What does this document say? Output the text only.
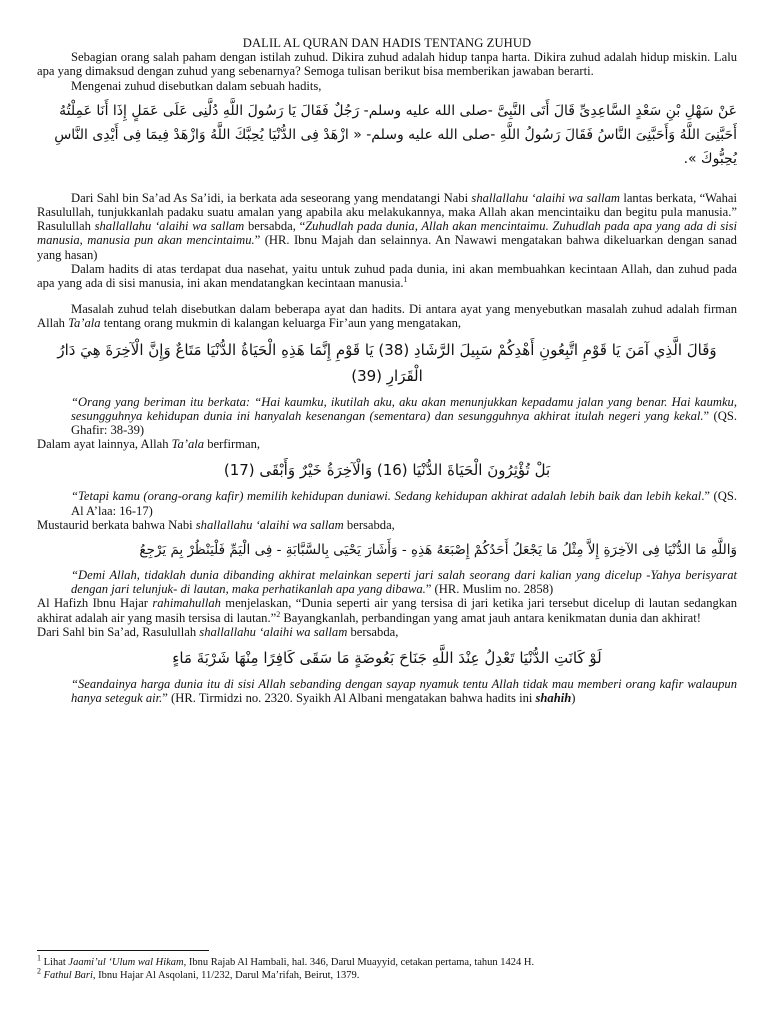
DALIL AL QURAN DAN HADIS TENTANG ZUHUD

Sebagian orang salah paham dengan istilah zuhud. Dikira zuhud adalah hidup tanpa harta. Dikira zuhud adalah hidup miskin. Lalu apa yang dimaksud dengan zuhud yang sebenarnya? Semoga tulisan berikut bisa memberikan jawaban berarti.

Mengenai zuhud disebutkan dalam sebuah hadits,

عَنْ سَهْلِ بْنِ سَعْدٍ السَّاعِدِىِّ قَالَ أَتَى النَّبِىَّ -صلى الله عليه وسلم- رَجُلٌ فَقَالَ يَا رَسُولَ اللَّهِ دُلَّنِى عَلَى عَمَلٍ إِذَا أَنَا عَمِلْتُهُ أَحَبَّنِىَ اللَّهُ وَأَحَبَّنِىَ النَّاسُ فَقَالَ رَسُولُ اللَّهِ -صلى الله عليه وسلم- « ازْهَدْ فِى الدُّنْيَا يُحِبَّكَ اللَّهُ وَازْهَدْ فِيمَا فِى أَيْدِى النَّاسِ يُحِبُّوكَ ».

Dari Sahl bin Sa’ad As Sa’idi, ia berkata ada seseorang yang mendatangi Nabi shallallahu ‘alaihi wa sallam lantas berkata, “Wahai Rasulullah, tunjukkanlah padaku suatu amalan yang apabila aku melakukannya, maka Allah akan mencintaiku dan begitu pula manusia.” Rasulullah shallallahu ‘alaihi wa sallam bersabda, “Zuhudlah pada dunia, Allah akan mencintaimu. Zuhudlah pada apa yang ada di sisi manusia, manusia pun akan mencintaimu.” (HR. Ibnu Majah dan selainnya. An Nawawi mengatakan bahwa dikeluarkan dengan sanad yang hasan)

Dalam hadits di atas terdapat dua nasehat, yaitu untuk zuhud pada dunia, ini akan membuahkan kecintaan Allah, dan zuhud pada apa yang ada di sisi manusia, ini akan mendatangkan kecintaan manusia.$^1$

Masalah zuhud telah disebutkan dalam beberapa ayat dan hadits. Di antara ayat yang menyebutkan masalah zuhud adalah firman Allah Ta’ala tentang orang mukmin di kalangan keluarga Fir’aun yang mengatakan,

وَقَالَ الَّذِي آمَنَ يَا قَوْمِ اتَّبِعُونِ أَهْدِكُمْ سَبِيلَ الرَّشَادِ (38) يَا قَوْمِ إِنَّمَا هَذِهِ الْحَيَاةُ الدُّنْيَا مَتَاعٌ وَإِنَّ الْآخِرَةَ هِيَ دَارُ الْقَرَارِ (39)

“Orang yang beriman itu berkata: “Hai kaumku, ikutilah aku, aku akan menunjukkan kepadamu jalan yang benar. Hai kaumku, sesungguhnya kehidupan dunia ini hanyalah kesenangan (sementara) dan sesungguhnya akhirat itulah negeri yang kekal.” (QS. Ghafir: 38-39)

Dalam ayat lainnya, Allah Ta’ala berfirman,

بَلْ تُؤْثِرُونَ الْحَيَاةَ الدُّنْيَا (16) وَالْآخِرَةُ خَيْرٌ وَأَبْقَى (17)

“Tetapi kamu (orang-orang kafir) memilih kehidupan duniawi. Sedang kehidupan akhirat adalah lebih baik dan lebih kekal.” (QS. Al A’laa: 16-17)

Mustaurid berkata bahwa Nabi shallallahu ‘alaihi wa sallam bersabda,

وَاللَّهِ مَا الدُّنْيَا فِى الآخِرَةِ إِلاَّ مِثْلُ مَا يَجْعَلُ أَحَدُكُمْ إِصْبَعَهُ هَذِهِ - وَأَشَارَ يَحْيَى بِالسَّبَّابَةِ - فِى الْيَمِّ فَلْيَنْظُرْ بِمَ يَرْجِعُ

“Demi Allah, tidaklah dunia dibanding akhirat melainkan seperti jari salah seorang dari kalian yang dicelup -Yahya berisyarat dengan jari telunjuk- di lautan, maka perhatikanlah apa yang dibawa.” (HR. Muslim no. 2858)

Al Hafizh Ibnu Hajar rahimahullah menjelaskan, “Dunia seperti air yang tersisa di jari ketika jari tersebut dicelup di lautan sedangkan akhirat adalah air yang masih tersisa di lautan.”$^2$ Bayangkanlah, perbandingan yang amat jauh antara kenikmatan dunia dan akhirat!

Dari Sahl bin Sa’ad, Rasulullah shallallahu ‘alaihi wa sallam bersabda,

لَوْ كَانَتِ الدُّنْيَا تَعْدِلُ عِنْدَ اللَّهِ جَنَاحَ بَعُوضَةٍ مَا سَقَى كَافِرًا مِنْهَا شَرْبَةَ مَاءٍ

“Seandainya harga dunia itu di sisi Allah sebanding dengan sayap nyamuk tentu Allah tidak mau memberi orang kafir walaupun hanya seteguk air.” (HR. Tirmidzi no. 2320. Syaikh Al Albani mengatakan bahwa hadits ini shahih)

$^1$ Lihat Jaami’ul ‘Ulum wal Hikam, Ibnu Rajab Al Hambali, hal. 346, Darul Muayyid, cetakan pertama, tahun 1424 H.

$^2$ Fathul Bari, Ibnu Hajar Al Asqolani, 11/232, Darul Ma’rifah, Beirut, 1379.
